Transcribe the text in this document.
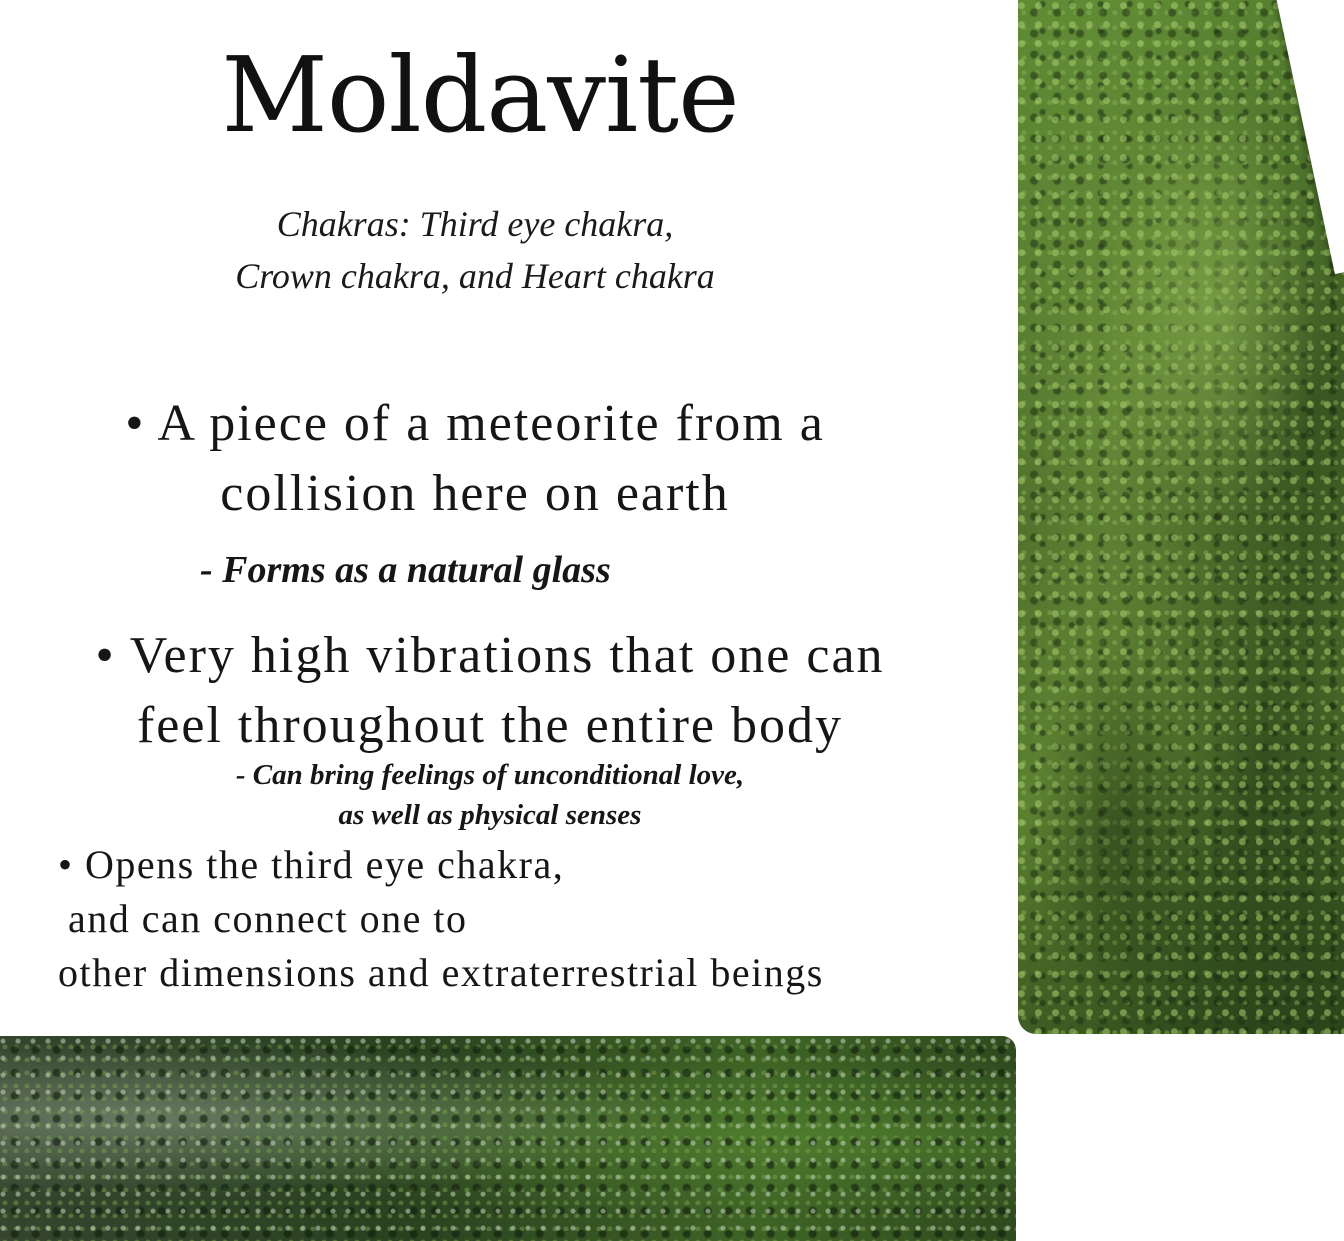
Moldavite
Chakras: Third eye chakra,
Crown chakra, and Heart chakra
• A piece of a meteorite from a
collision here on earth
- Forms as a natural glass
• Very high vibrations that one can
feel throughout the entire body
- Can bring feelings of unconditional love,
as well as physical senses
• Opens the third eye chakra,
and can connect one to
other dimensions and extraterrestrial beings
